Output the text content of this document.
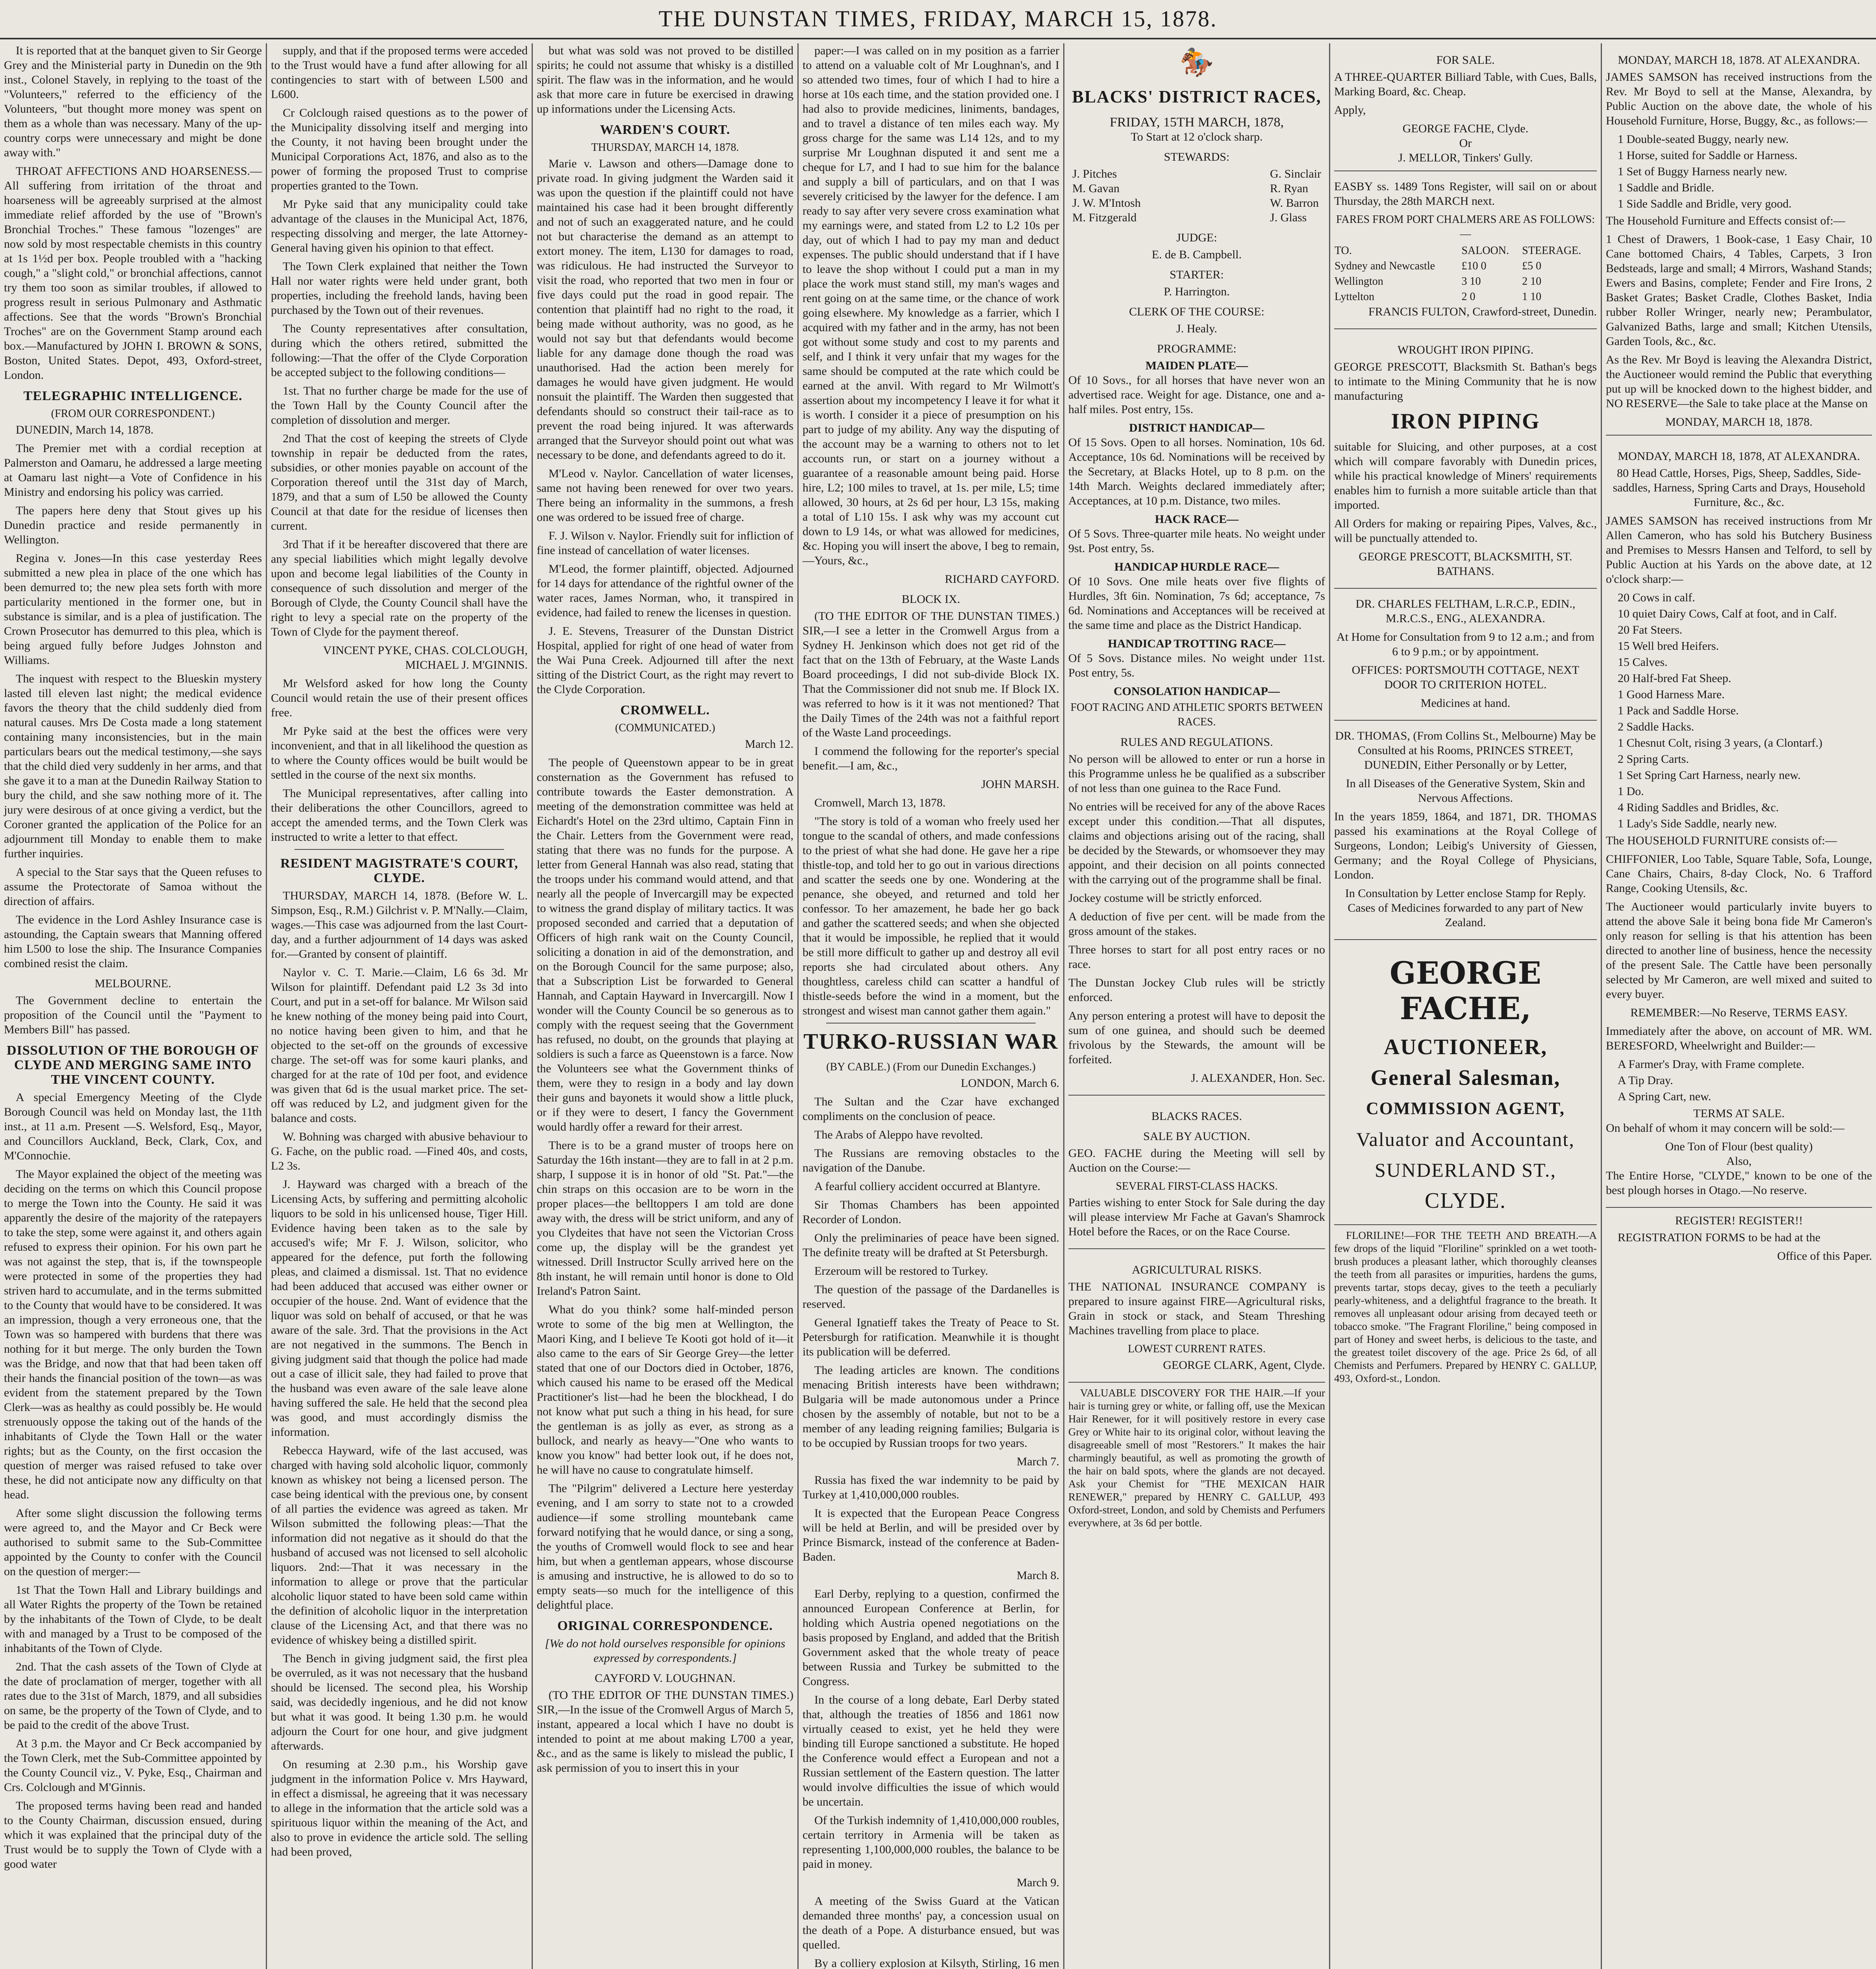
THE DUNSTAN TIMES, FRIDAY, MARCH 15, 1878.

It is reported that at the banquet given to Sir George Grey and the Ministerial party in Dunedin on the 9th inst., Colonel Stavely, in replying to the toast of the "Volunteers," referred to the efficiency of the Volunteers, "but thought more money was spent on them as a whole than was necessary. Many of the up-country corps were unnecessary and might be done away with."

THROAT AFFECTIONS AND HOARSENESS.—All suffering from irritation of the throat and hoarseness will be agreeably surprised at the almost immediate relief afforded by the use of "Brown's Bronchial Troches." These famous "lozenges" are now sold by most respectable chemists in this country at 1s 1½d per box. People troubled with a "hacking cough," a "slight cold," or bronchial affections, cannot try them too soon as similar troubles, if allowed to progress result in serious Pulmonary and Asthmatic affections. See that the words "Brown's Bronchial Troches" are on the Government Stamp around each box.—Manufactured by JOHN I. BROWN & SONS, Boston, United States. Depot, 493, Oxford-street, London.

TELEGRAPHIC INTELLIGENCE.
(FROM OUR CORRESPONDENT.)

DUNEDIN, March 14, 1878.

The Premier met with a cordial reception at Palmerston and Oamaru, he addressed a large meeting at Oamaru last night—a Vote of Confidence in his Ministry and endorsing his policy was carried.

The papers here deny that Stout gives up his Dunedin practice and reside permanently in Wellington.

Regina v. Jones—In this case yesterday Rees submitted a new plea in place of the one which has been demurred to; the new plea sets forth with more particularity mentioned in the former one, but in substance is similar, and is a plea of justification. The Crown Prosecutor has demurred to this plea, which is being argued fully before Judges Johnston and Williams.

The inquest with respect to the Blueskin mystery lasted till eleven last night; the medical evidence favors the theory that the child suddenly died from natural causes. Mrs De Costa made a long statement containing many inconsistencies, but in the main particulars bears out the medical testimony,—she says that the child died very suddenly in her arms, and that she gave it to a man at the Dunedin Railway Station to bury the child, and she saw nothing more of it. The jury were desirous of at once giving a verdict, but the Coroner granted the application of the Police for an adjournment till Monday to enable them to make further inquiries.

A special to the Star says that the Queen refuses to assume the Protectorate of Samoa without the direction of affairs.

The evidence in the Lord Ashley Insurance case is astounding, the Captain swears that Manning offered him L500 to lose the ship. The Insurance Companies combined resist the claim.

MELBOURNE.

The Government decline to entertain the proposition of the Council until the "Payment to Members Bill" has passed.

DISSOLUTION OF THE BOROUGH OF CLYDE AND MERGING SAME INTO THE VINCENT COUNTY.

A special Emergency Meeting of the Clyde Borough Council was held on Monday last, the 11th inst., at 11 a.m. Present —S. Welsford, Esq., Mayor, and Councillors Auckland, Beck, Clark, Cox, and M'Connochie.

The Mayor explained the object of the meeting was deciding on the terms on which this Council propose to merge the Town into the County. He said it was apparently the desire of the majority of the ratepayers to take the step, some were against it, and others again refused to express their opinion. For his own part he was not against the step, that is, if the townspeople were protected in some of the properties they had striven hard to accumulate, and in the terms submitted to the County that would have to be considered. It was an impression, though a very erroneous one, that the Town was so hampered with burdens that there was nothing for it but merge. The only burden the Town was the Bridge, and now that that had been taken off their hands the financial position of the town—as was evident from the statement prepared by the Town Clerk—was as healthy as could possibly be. He would strenuously oppose the taking out of the hands of the inhabitants of Clyde the Town Hall or the water rights; but as the County, on the first occasion the question of merger was raised refused to take over these, he did not anticipate now any difficulty on that head.

After some slight discussion the following terms were agreed to, and the Mayor and Cr Beck were authorised to submit same to the Sub-Committee appointed by the County to confer with the Council on the question of merger:—

1st That the Town Hall and Library buildings and all Water Rights the property of the Town be retained by the inhabitants of the Town of Clyde, to be dealt with and managed by a Trust to be composed of the inhabitants of the Town of Clyde.

2nd. That the cash assets of the Town of Clyde at the date of proclamation of merger, together with all rates due to the 31st of March, 1879, and all subsidies on same, be the property of the Town of Clyde, and to be paid to the credit of the above Trust.

At 3 p.m. the Mayor and Cr Beck accompanied by the Town Clerk, met the Sub-Committee appointed by the County Council viz., V. Pyke, Esq., Chairman and Crs. Colclough and M'Ginnis.

The proposed terms having been read and handed to the County Chairman, discussion ensued, during which it was explained that the principal duty of the Trust would be to supply the Town of Clyde with a good water

supply, and that if the proposed terms were acceded to the Trust would have a fund after allowing for all contingencies to start with of between L500 and L600.

Cr Colclough raised questions as to the power of the Municipality dissolving itself and merging into the County, it not having been brought under the Municipal Corporations Act, 1876, and also as to the power of forming the proposed Trust to comprise properties granted to the Town.

Mr Pyke said that any municipality could take advantage of the clauses in the Municipal Act, 1876, respecting dissolving and merger, the late Attorney-General having given his opinion to that effect.

The Town Clerk explained that neither the Town Hall nor water rights were held under grant, both properties, including the freehold lands, having been purchased by the Town out of their revenues.

The County representatives after consultation, during which the others retired, submitted the following:—That the offer of the Clyde Corporation be accepted subject to the following conditions—

1st. That no further charge be made for the use of the Town Hall by the County Council after the completion of dissolution and merger.

2nd That the cost of keeping the streets of Clyde township in repair be deducted from the rates, subsidies, or other monies payable on account of the Corporation thereof until the 31st day of March, 1879, and that a sum of L50 be allowed the County Council at that date for the residue of licenses then current.

3rd That if it be hereafter discovered that there are any special liabilities which might legally devolve upon and become legal liabilities of the County in consequence of such dissolution and merger of the Borough of Clyde, the County Council shall have the right to levy a special rate on the property of the Town of Clyde for the payment thereof.

VINCENT PYKE, CHAS. COLCLOUGH, MICHAEL J. M'GINNIS.

Mr Welsford asked for how long the County Council would retain the use of their present offices free.

Mr Pyke said at the best the offices were very inconvenient, and that in all likelihood the question as to where the County offices would be built would be settled in the course of the next six months.

The Municipal representatives, after calling into their deliberations the other Councillors, agreed to accept the amended terms, and the Town Clerk was instructed to write a letter to that effect.

RESIDENT MAGISTRATE'S COURT, CLYDE.

THURSDAY, MARCH 14, 1878. (Before W. L. Simpson, Esq., R.M.) Gilchrist v. P. M'Nally.—Claim, wages.—This case was adjourned from the last Court-day, and a further adjournment of 14 days was asked for.—Granted by consent of plaintiff.

Naylor v. C. T. Marie.—Claim, L6 6s 3d. Mr Wilson for plaintiff. Defendant paid L2 3s 3d into Court, and put in a set-off for balance. Mr Wilson said he knew nothing of the money being paid into Court, no notice having been given to him, and that he objected to the set-off on the grounds of excessive charge. The set-off was for some kauri planks, and charged for at the rate of 10d per foot, and evidence was given that 6d is the usual market price. The set-off was reduced by L2, and judgment given for the balance and costs.

W. Bohning was charged with abusive behaviour to G. Fache, on the public road. —Fined 40s, and costs, L2 3s.

J. Hayward was charged with a breach of the Licensing Acts, by suffering and permitting alcoholic liquors to be sold in his unlicensed house, Tiger Hill. Evidence having been taken as to the sale by accused's wife; Mr F. J. Wilson, solicitor, who appeared for the defence, put forth the following pleas, and claimed a dismissal. 1st. That no evidence had been adduced that accused was either owner or occupier of the house. 2nd. Want of evidence that the liquor was sold on behalf of accused, or that he was aware of the sale. 3rd. That the provisions in the Act are not negatived in the summons. The Bench in giving judgment said that though the police had made out a case of illicit sale, they had failed to prove that the husband was even aware of the sale leave alone having suffered the sale. He held that the second plea was good, and must accordingly dismiss the information.

Rebecca Hayward, wife of the last accused, was charged with having sold alcoholic liquor, commonly known as whiskey not being a licensed person. The case being identical with the previous one, by consent of all parties the evidence was agreed as taken. Mr Wilson submitted the following pleas:—That the information did not negative as it should do that the husband of accused was not licensed to sell alcoholic liquors. 2nd:—That it was necessary in the information to allege or prove that the particular alcoholic liquor stated to have been sold came within the definition of alcoholic liquor in the interpretation clause of the Licensing Act, and that there was no evidence of whiskey being a distilled spirit.

The Bench in giving judgment said, the first plea be overruled, as it was not necessary that the husband should be licensed. The second plea, his Worship said, was decidedly ingenious, and he did not know but what it was good. It being 1.30 p.m. he would adjourn the Court for one hour, and give judgment afterwards.

On resuming at 2.30 p.m., his Worship gave judgment in the information Police v. Mrs Hayward, in effect a dismissal, he agreeing that it was necessary to allege in the information that the article sold was a spirituous liquor within the meaning of the Act, and also to prove in evidence the article sold. The selling had been proved,

but what was sold was not proved to be distilled spirits; he could not assume that whisky is a distilled spirit. The flaw was in the information, and he would ask that more care in future be exercised in drawing up informations under the Licensing Acts.

WARDEN'S COURT.
THURSDAY, MARCH 14, 1878.

Marie v. Lawson and others—Damage done to private road. In giving judgment the Warden said it was upon the question if the plaintiff could not have maintained his case had it been brought differently and not of such an exaggerated nature, and he could not but characterise the demand as an attempt to extort money. The item, L130 for damages to road, was ridiculous. He had instructed the Surveyor to visit the road, who reported that two men in four or five days could put the road in good repair. The contention that plaintiff had no right to the road, it being made without authority, was no good, as he would not say but that defendants would become liable for any damage done though the road was unauthorised. Had the action been merely for damages he would have given judgment. He would nonsuit the plaintiff. The Warden then suggested that defendants should so construct their tail-race as to prevent the road being injured. It was afterwards arranged that the Surveyor should point out what was necessary to be done, and defendants agreed to do it.

M'Leod v. Naylor. Cancellation of water licenses, same not having been renewed for over two years. There being an informality in the summons, a fresh one was ordered to be issued free of charge.

F. J. Wilson v. Naylor. Friendly suit for infliction of fine instead of cancellation of water licenses.

M'Leod, the former plaintiff, objected. Adjourned for 14 days for attendance of the rightful owner of the water races, James Norman, who, it transpired in evidence, had failed to renew the licenses in question.

J. E. Stevens, Treasurer of the Dunstan District Hospital, applied for right of one head of water from the Wai Puna Creek. Adjourned till after the next sitting of the District Court, as the right may revert to the Clyde Corporation.

CROMWELL.
(COMMUNICATED.)

March 12.

The people of Queenstown appear to be in great consternation as the Government has refused to contribute towards the Easter demonstration. A meeting of the demonstration committee was held at Eichardt's Hotel on the 23rd ultimo, Captain Finn in the Chair. Letters from the Government were read, stating that there was no funds for the purpose. A letter from General Hannah was also read, stating that the troops under his command would attend, and that nearly all the people of Invercargill may be expected to witness the grand display of military tactics. It was proposed seconded and carried that a deputation of Officers of high rank wait on the County Council, soliciting a donation in aid of the demonstration, and on the Borough Council for the same purpose; also, that a Subscription List be forwarded to General Hannah, and Captain Hayward in Invercargill. Now I wonder will the County Council be so generous as to comply with the request seeing that the Government has refused, no doubt, on the grounds that playing at soldiers is such a farce as Queenstown is a farce. Now the Volunteers see what the Government thinks of them, were they to resign in a body and lay down their guns and bayonets it would show a little pluck, or if they were to desert, I fancy the Government would hardly offer a reward for their arrest.

There is to be a grand muster of troops here on Saturday the 16th instant—they are to fall in at 2 p.m. sharp, I suppose it is in honor of old "St. Pat."—the chin straps on this occasion are to be worn in the proper places—the belltoppers I am told are done away with, the dress will be strict uniform, and any of you Clydeites that have not seen the Victorian Cross come up, the display will be the grandest yet witnessed. Drill Instructor Scully arrived here on the 8th instant, he will remain until honor is done to Old Ireland's Patron Saint.

What do you think? some half-minded person wrote to some of the big men at Wellington, the Maori King, and I believe Te Kooti got hold of it—it also came to the ears of Sir George Grey—the letter stated that one of our Doctors died in October, 1876, which caused his name to be erased off the Medical Practitioner's list—had he been the blockhead, I do not know what put such a thing in his head, for sure the gentleman is as jolly as ever, as strong as a bullock, and nearly as heavy—"One who wants to know you know" had better look out, if he does not, he will have no cause to congratulate himself.

The "Pilgrim" delivered a Lecture here yesterday evening, and I am sorry to state not to a crowded audience—if some strolling mountebank came forward notifying that he would dance, or sing a song, the youths of Cromwell would flock to see and hear him, but when a gentleman appears, whose discourse is amusing and instructive, he is allowed to do so to empty seats—so much for the intelligence of this delightful place.

ORIGINAL CORRESPONDENCE.

[We do not hold ourselves responsible for opinions expressed by correspondents.]

CAYFORD V. LOUGHNAN.

(TO THE EDITOR OF THE DUNSTAN TIMES.) SIR,—In the issue of the Cromwell Argus of March 5, instant, appeared a local which I have no doubt is intended to point at me about making L700 a year, &c., and as the same is likely to mislead the public, I ask permission of you to insert this in your

paper:—I was called on in my position as a farrier to attend on a valuable colt of Mr Loughnan's, and I so attended two times, four of which I had to hire a horse at 10s each time, and the station provided one. I had also to provide medicines, liniments, bandages, and to travel a distance of ten miles each way. My gross charge for the same was L14 12s, and to my surprise Mr Loughnan disputed it and sent me a cheque for L7, and I had to sue him for the balance and supply a bill of particulars, and on that I was severely criticised by the lawyer for the defence. I am ready to say after very severe cross examination what my earnings were, and stated from L2 to L2 10s per day, out of which I had to pay my man and deduct expenses. The public should understand that if I have to leave the shop without I could put a man in my place the work must stand still, my man's wages and rent going on at the same time, or the chance of work going elsewhere. My knowledge as a farrier, which I acquired with my father and in the army, has not been got without some study and cost to my parents and self, and I think it very unfair that my wages for the same should be computed at the rate which could be earned at the anvil. With regard to Mr Wilmott's assertion about my incompetency I leave it for what it is worth. I consider it a piece of presumption on his part to judge of my ability. Any way the disputing of the account may be a warning to others not to let accounts run, or start on a journey without a guarantee of a reasonable amount being paid. Horse hire, L2; 100 miles to travel, at 1s. per mile, L5; time allowed, 30 hours, at 2s 6d per hour, L3 15s, making a total of L10 15s. I ask why was my account cut down to L9 14s, or what was allowed for medicines, &c. Hoping you will insert the above, I beg to remain, —Yours, &c.,

RICHARD CAYFORD.

BLOCK IX.

(TO THE EDITOR OF THE DUNSTAN TIMES.) SIR,—I see a letter in the Cromwell Argus from a Sydney H. Jenkinson which does not get rid of the fact that on the 13th of February, at the Waste Lands Board proceedings, I did not sub-divide Block IX. That the Commissioner did not snub me. If Block IX. was referred to how is it it was not mentioned? That the Daily Times of the 24th was not a faithful report of the Waste Land proceedings.

I commend the following for the reporter's special benefit.—I am, &c.,

JOHN MARSH.

Cromwell, March 13, 1878.

"The story is told of a woman who freely used her tongue to the scandal of others, and made confessions to the priest of what she had done. He gave her a ripe thistle-top, and told her to go out in various directions and scatter the seeds one by one. Wondering at the penance, she obeyed, and returned and told her confessor. To her amazement, he bade her go back and gather the scattered seeds; and when she objected that it would be impossible, he replied that it would be still more difficult to gather up and destroy all evil reports she had circulated about others. Any thoughtless, careless child can scatter a handful of thistle-seeds before the wind in a moment, but the strongest and wisest man cannot gather them again."

TURKO-RUSSIAN WAR
(BY CABLE.) (From our Dunedin Exchanges.)

LONDON, March 6.

The Sultan and the Czar have exchanged compliments on the conclusion of peace.

The Arabs of Aleppo have revolted.

The Russians are removing obstacles to the navigation of the Danube.

A fearful colliery accident occurred at Blantyre.

Sir Thomas Chambers has been appointed Recorder of London.

Only the preliminaries of peace have been signed. The definite treaty will be drafted at St Petersburgh.

Erzeroum will be restored to Turkey.

The question of the passage of the Dardanelles is reserved.

General Ignatieff takes the Treaty of Peace to St. Petersburgh for ratification. Meanwhile it is thought its publication will be deferred.

The leading articles are known. The conditions menacing British interests have been withdrawn; Bulgaria will be made autonomous under a Prince chosen by the assembly of notable, but not to be a member of any leading reigning families; Bulgaria is to be occupied by Russian troops for two years.

March 7.

Russia has fixed the war indemnity to be paid by Turkey at 1,410,000,000 roubles.

It is expected that the European Peace Congress will be held at Berlin, and will be presided over by Prince Bismarck, instead of the conference at Baden-Baden.

March 8.

Earl Derby, replying to a question, confirmed the announced European Conference at Berlin, for holding which Austria opened negotiations on the basis proposed by England, and added that the British Government asked that the whole treaty of peace between Russia and Turkey be submitted to the Congress.

In the course of a long debate, Earl Derby stated that, although the treaties of 1856 and 1861 now virtually ceased to exist, yet he held they were binding till Europe sanctioned a substitute. He hoped the Conference would effect a European and not a Russian settlement of the Eastern question. The latter would involve difficulties the issue of which would be uncertain.

Of the Turkish indemnity of 1,410,000,000 roubles, certain territory in Armenia will be taken as representing 1,100,000,000 roubles, the balance to be paid in money.

March 9.

A meeting of the Swiss Guard at the Vatican demanded three months' pay, a concession usual on the death of a Pope. A disturbance ensued, but was quelled.

By a colliery explosion at Kilsyth, Stirling, 16 men

🏇
BLACKS' DISTRICT RACES,
FRIDAY, 15TH MARCH, 1878,
To Start at 12 o'clock sharp.
STEWARDS:
J. Pitches
M. Gavan
J. W. M'Intosh
M. Fitzgerald
G. Sinclair
R. Ryan
W. Barron
J. Glass
JUDGE:
E. de B. Campbell.
STARTER:
P. Harrington.
CLERK OF THE COURSE:
J. Healy.
PROGRAMME:
MAIDEN PLATE—

Of 10 Sovs., for all horses that have never won an advertised race. Weight for age. Distance, one and a-half miles. Post entry, 15s.

DISTRICT HANDICAP—

Of 15 Sovs. Open to all horses. Nomination, 10s 6d. Acceptance, 10s 6d. Nominations will be received by the Secretary, at Blacks Hotel, up to 8 p.m. on the 14th March. Weights declared immediately after; Acceptances, at 10 p.m. Distance, two miles.

HACK RACE—

Of 5 Sovs. Three-quarter mile heats. No weight under 9st. Post entry, 5s.

HANDICAP HURDLE RACE—

Of 10 Sovs. One mile heats over five flights of Hurdles, 3ft 6in. Nomination, 7s 6d; acceptance, 7s 6d. Nominations and Acceptances will be received at the same time and place as the District Handicap.

HANDICAP TROTTING RACE—

Of 5 Sovs. Distance miles. No weight under 11st. Post entry, 5s.

CONSOLATION HANDICAP—
FOOT RACING AND ATHLETIC SPORTS BETWEEN RACES.
RULES AND REGULATIONS.

No person will be allowed to enter or run a horse in this Programme unless he be qualified as a subscriber of not less than one guinea to the Race Fund.

No entries will be received for any of the above Races except under this condition.—That all disputes, claims and objections arising out of the racing, shall be decided by the Stewards, or whomsoever they may appoint, and their decision on all points connected with the carrying out of the programme shall be final.

Jockey costume will be strictly enforced.

A deduction of five per cent. will be made from the gross amount of the stakes.

Three horses to start for all post entry races or no race.

The Dunstan Jockey Club rules will be strictly enforced.

Any person entering a protest will have to deposit the sum of one guinea, and should such be deemed frivolous by the Stewards, the amount will be forfeited.

J. ALEXANDER, Hon. Sec.

BLACKS RACES.
SALE BY AUCTION.

GEO. FACHE during the Meeting will sell by Auction on the Course:—

SEVERAL FIRST-CLASS HACKS.

Parties wishing to enter Stock for Sale during the day will please interview Mr Fache at Gavan's Shamrock Hotel before the Races, or on the Race Course.

AGRICULTURAL RISKS.

THE NATIONAL INSURANCE COMPANY is prepared to insure against FIRE—Agricultural risks, Grain in stock or stack, and Steam Threshing Machines travelling from place to place.

LOWEST CURRENT RATES.

GEORGE CLARK, Agent, Clyde.

VALUABLE DISCOVERY FOR THE HAIR.—If your hair is turning grey or white, or falling off, use the Mexican Hair Renewer, for it will positively restore in every case Grey or White hair to its original color, without leaving the disagreeable smell of most "Restorers." It makes the hair charmingly beautiful, as well as promoting the growth of the hair on bald spots, where the glands are not decayed. Ask your Chemist for "THE MEXICAN HAIR RENEWER," prepared by HENRY C. GALLUP, 493 Oxford-street, London, and sold by Chemists and Perfumers everywhere, at 3s 6d per bottle.

FOR SALE.

A THREE-QUARTER Billiard Table, with Cues, Balls, Marking Board, &c. Cheap.

Apply,

GEORGE FACHE, Clyde.
Or
J. MELLOR, Tinkers' Gully.

EASBY ss. 1489 Tons Register, will sail on or about Thursday, the 28th MARCH next.

FARES FROM PORT CHALMERS ARE AS FOLLOWS:—
TO.	SALOON.	STEERAGE.
Sydney and Newcastle	£10 0	£5 0
Wellington	3 10	2 10
Lyttelton	2 0	1 10

FRANCIS FULTON, Crawford-street, Dunedin.

WROUGHT IRON PIPING.

GEORGE PRESCOTT, Blacksmith St. Bathan's begs to intimate to the Mining Community that he is now manufacturing

IRON PIPING

suitable for Sluicing, and other purposes, at a cost which will compare favorably with Dunedin prices, while his practical knowledge of Miners' requirements enables him to furnish a more suitable article than that imported.

All Orders for making or repairing Pipes, Valves, &c., will be punctually attended to.

GEORGE PRESCOTT, BLACKSMITH, ST. BATHANS.

DR. CHARLES FELTHAM, L.R.C.P., EDIN., M.R.C.S., ENG., ALEXANDRA.

At Home for Consultation from 9 to 12 a.m.; and from 6 to 9 p.m.; or by appointment.

OFFICES: PORTSMOUTH COTTAGE, NEXT DOOR TO CRITERION HOTEL.

Medicines at hand.

DR. THOMAS, (From Collins St., Melbourne) May be Consulted at his Rooms, PRINCES STREET, DUNEDIN, Either Personally or by Letter,

In all Diseases of the Generative System, Skin and Nervous Affections.

In the years 1859, 1864, and 1871, DR. THOMAS passed his examinations at the Royal College of Surgeons, London; Leibig's University of Giessen, Germany; and the Royal College of Physicians, London.

In Consultation by Letter enclose Stamp for Reply. Cases of Medicines forwarded to any part of New Zealand.

GEORGE FACHE,
AUCTIONEER,
General Salesman,
COMMISSION AGENT,
Valuator and Accountant,
SUNDERLAND ST.,
CLYDE.

FLORILINE!—FOR THE TEETH AND BREATH.—A few drops of the liquid "Floriline" sprinkled on a wet tooth-brush produces a pleasant lather, which thoroughly cleanses the teeth from all parasites or impurities, hardens the gums, prevents tartar, stops decay, gives to the teeth a peculiarly pearly-whiteness, and a delightful fragrance to the breath. It removes all unpleasant odour arising from decayed teeth or tobacco smoke. "The Fragrant Floriline," being composed in part of Honey and sweet herbs, is delicious to the taste, and the greatest toilet discovery of the age. Price 2s 6d, of all Chemists and Perfumers. Prepared by HENRY C. GALLUP, 493, Oxford-st., London.

MONDAY, MARCH 18, 1878. AT ALEXANDRA.

JAMES SAMSON has received instructions from the Rev. Mr Boyd to sell at the Manse, Alexandra, by Public Auction on the above date, the whole of his Household Furniture, Horse, Buggy, &c., as follows:—

1 Double-seated Buggy, nearly new.
1 Horse, suited for Saddle or Harness.
1 Set of Buggy Harness nearly new.
1 Saddle and Bridle.
1 Side Saddle and Bridle, very good.

The Household Furniture and Effects consist of:—

1 Chest of Drawers, 1 Book-case, 1 Easy Chair, 10 Cane bottomed Chairs, 4 Tables, Carpets, 3 Iron Bedsteads, large and small; 4 Mirrors, Washand Stands; Ewers and Basins, complete; Fender and Fire Irons, 2 Basket Grates; Basket Cradle, Clothes Basket, India rubber Roller Wringer, nearly new; Perambulator, Galvanized Baths, large and small; Kitchen Utensils, Garden Tools, &c., &c.

As the Rev. Mr Boyd is leaving the Alexandra District, the Auctioneer would remind the Public that everything put up will be knocked down to the highest bidder, and NO RESERVE—the Sale to take place at the Manse on

MONDAY, MARCH 18, 1878.
MONDAY, MARCH 18, 1878, AT ALEXANDRA.

80 Head Cattle, Horses, Pigs, Sheep, Saddles, Side-saddles, Harness, Spring Carts and Drays, Household Furniture, &c., &c.

JAMES SAMSON has received instructions from Mr Allen Cameron, who has sold his Butchery Business and Premises to Messrs Hansen and Telford, to sell by Public Auction at his Yards on the above date, at 12 o'clock sharp:—

20 Cows in calf.
10 quiet Dairy Cows, Calf at foot, and in Calf.
20 Fat Steers.
15 Well bred Heifers.
15 Calves.
20 Half-bred Fat Sheep.
1 Good Harness Mare.
1 Pack and Saddle Horse.
2 Saddle Hacks.
1 Chesnut Colt, rising 3 years, (a Clontarf.)
2 Spring Carts.
1 Set Spring Cart Harness, nearly new.
1 Do.
4 Riding Saddles and Bridles, &c.
1 Lady's Side Saddle, nearly new.

The HOUSEHOLD FURNITURE consists of:—

CHIFFONIER, Loo Table, Square Table, Sofa, Lounge, Cane Chairs, Chairs, 8-day Clock, No. 6 Trafford Range, Cooking Utensils, &c.

The Auctioneer would particularly invite buyers to attend the above Sale it being bona fide Mr Cameron's only reason for selling is that his attention has been directed to another line of business, hence the necessity of the present Sale. The Cattle have been personally selected by Mr Cameron, are well mixed and suited to every buyer.

REMEMBER:—No Reserve, TERMS EASY.

Immediately after the above, on account of MR. WM. BERESFORD, Wheelwright and Builder:—

A Farmer's Dray, with Frame complete.
A Tip Dray.
A Spring Cart, new.
TERMS AT SALE.

On behalf of whom it may concern will be sold:—

One Ton of Flour (best quality)
Also,

The Entire Horse, "CLYDE," known to be one of the best plough horses in Otago.—No reserve.

REGISTER! REGISTER!!

REGISTRATION FORMS to be had at the

Office of this Paper.
